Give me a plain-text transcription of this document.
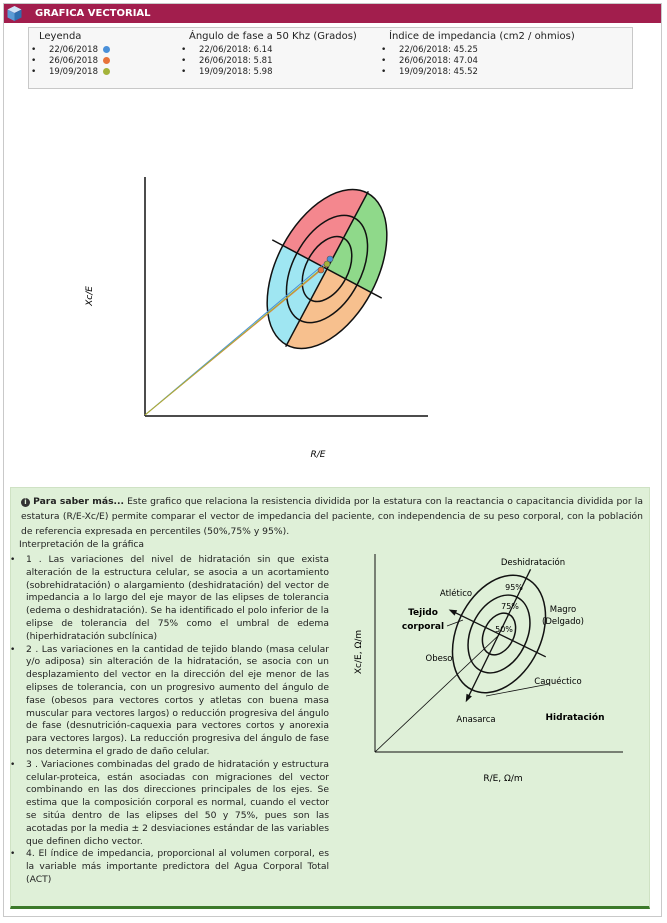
GRAFICA VECTORIAL
Leyenda
• 22/06/2018
• 26/06/2018
• 19/09/2018
Ángulo de fase a 50 Khz (Grados)
• 22/06/2018: 6.14
• 26/06/2018: 5.81
• 19/09/2018: 5.98
Índice de impedancia (cm2 / ohmios)
• 22/06/2018: 45.25
• 26/06/2018: 47.04
• 19/09/2018: 45.52
Xc/E
R/E
i Para saber más... Este grafico que relaciona la resistencia dividida por la estatura con la reactancia o capacitancia dividida por la estatura (R/E-Xc/E) permite comparar el vector de impedancia del paciente, con independencia de su peso corporal, con la población de referencia expresada en percentiles (50%,75% y 95%).
Interpretación de la gráfica
• 1 . Las variaciones del nivel de hidratación sin que exista alteración de la estructura celular, se asocia a un acortamiento (sobrehidratación) o alargamiento (deshidratación) del vector de impedancia a lo largo del eje mayor de las elipses de tolerancia (edema o deshidratación). Se ha identificado el polo inferior de la elipse de tolerancia del 75% como el umbral de edema (hiperhidratación subclínica)
• 2 . Las variaciones en la cantidad de tejido blando (masa celular y/o adiposa) sin alteración de la hidratación, se asocia con un desplazamiento del vector en la dirección del eje menor de las elipses de tolerancia, con un progresivo aumento del ángulo de fase (obesos para vectores cortos y atletas con buena masa muscular para vectores largos) o reducción progresiva del ángulo de fase (desnutrición-caquexia para vectores cortos y anorexia para vectores largos). La reducción progresiva del ángulo de fase nos determina el grado de daño celular.
• 3 . Variaciones combinadas del grado de hidratación y estructura celular-proteica, están asociadas con migraciones del vector combinando en las dos direcciones principales de los ejes. Se estima que la composición corporal es normal, cuando el vector se sitúa dentro de las elipses del 50 y 75%, pues son las acotadas por la media ± 2 desviaciones estándar de las variables que definen dicho vector.
• 4. El índice de impedancia, proporcional al volumen corporal, es la variable más importante predictora del Agua Corporal Total (ACT)
Xc/E, Ω/m
R/E, Ω/m
Deshidratación
Atlético
95%
75%
50%
Magro
(Delgado)
Tejido
corporal
Obeso
Caquéctico
Anasarca	Hidratación
